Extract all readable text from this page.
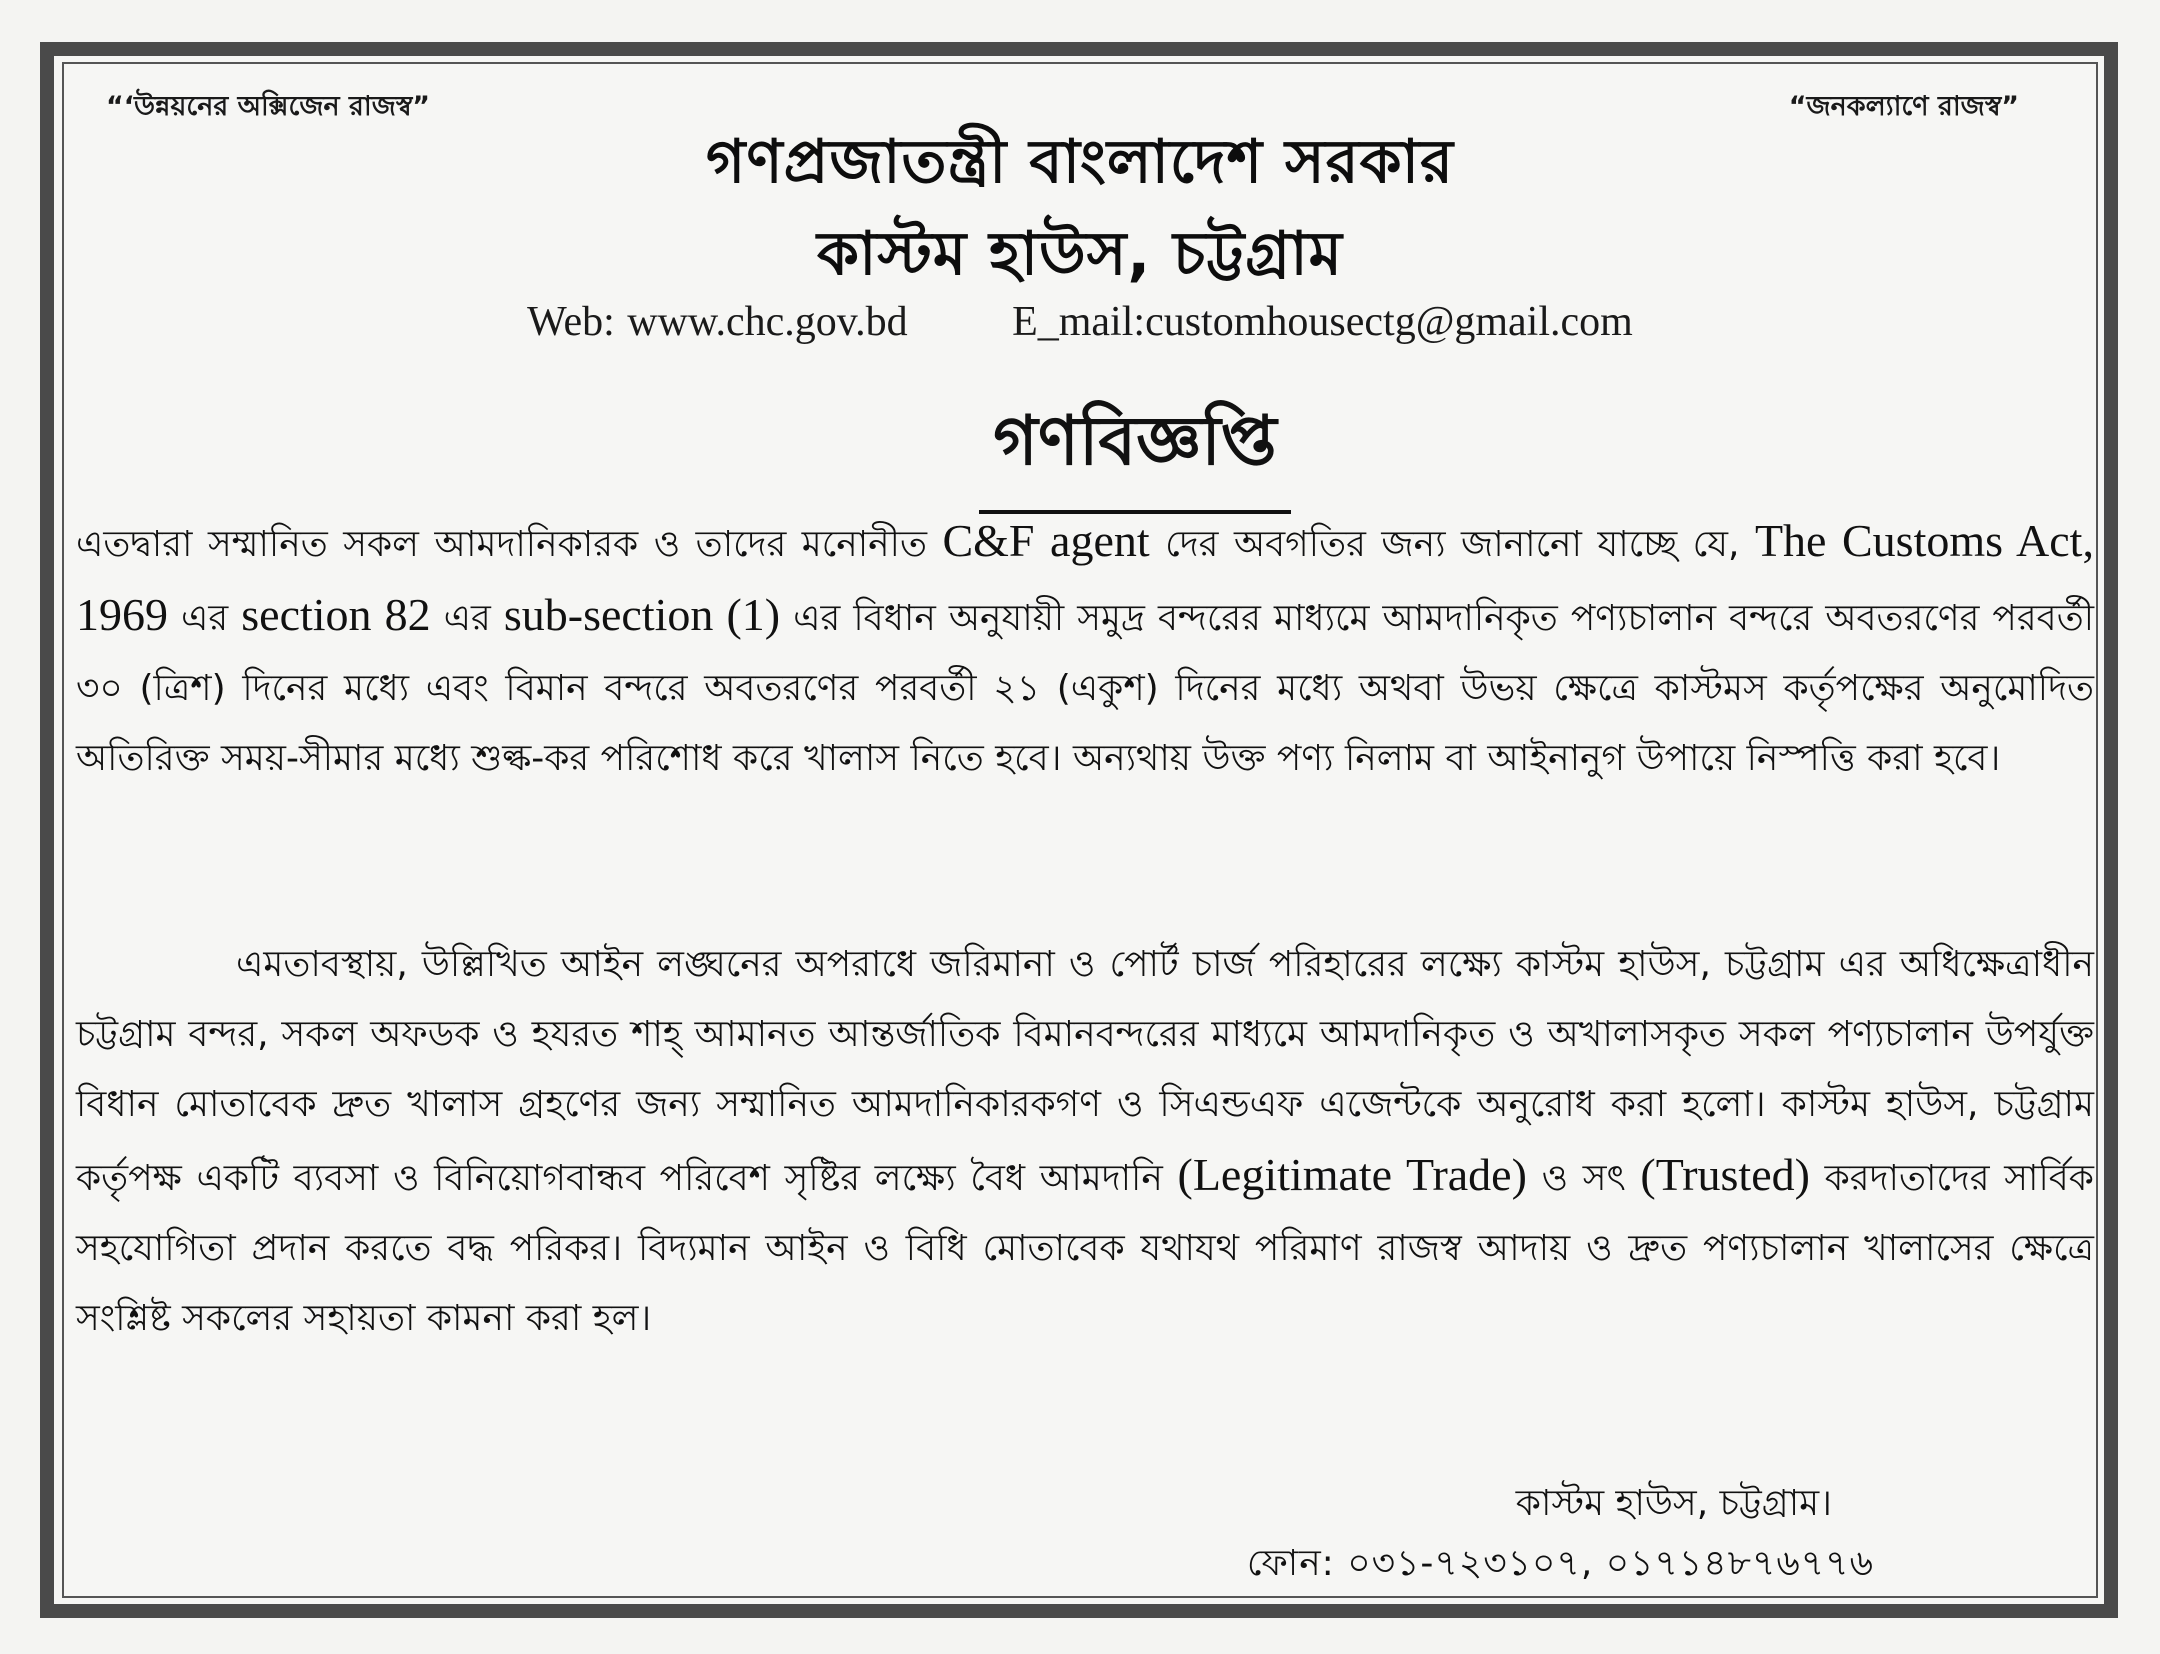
“‘উন্নয়নের অক্সিজেন রাজস্ব”	“জনকল্যাণে রাজস্ব”
গণপ্রজাতন্ত্রী বাংলাদেশ সরকার
কাস্টম হাউস, চট্টগ্রাম
Web: www.chc.gov.bd E_mail:customhousectg@gmail.com
গণবিজ্ঞপ্তি
এতদ্বারা সম্মানিত সকল আমদানিকারক ও তাদের মনোনীত C&F agent দের অবগতির জন্য জানানো যাচ্ছে যে, The Customs Act, 1969 এর section 82 এর sub-section (1) এর বিধান অনুযায়ী সমুদ্র বন্দরের মাধ্যমে আমদানিকৃত পণ্যচালান বন্দরে অবতরণের পরবর্তী ৩০ (ত্রিশ) দিনের মধ্যে এবং বিমান বন্দরে অবতরণের পরবর্তী ২১ (একুশ) দিনের মধ্যে অথবা উভয় ক্ষেত্রে কাস্টমস কর্তৃপক্ষের অনুমোদিত অতিরিক্ত সময়-সীমার মধ্যে শুল্ক-কর পরিশোধ করে খালাস নিতে হবে। অন্যথায় উক্ত পণ্য নিলাম বা আইনানুগ উপায়ে নিস্পত্তি করা হবে।
এমতাবস্থায়, উল্লিখিত আইন লঙ্ঘনের অপরাধে জরিমানা ও পোর্ট চার্জ পরিহারের লক্ষ্যে কাস্টম হাউস, চট্টগ্রাম এর অধিক্ষেত্রাধীন চট্টগ্রাম বন্দর, সকল অফডক ও হযরত শাহ্ আমানত আন্তর্জাতিক বিমানবন্দরের মাধ্যমে আমদানিকৃত ও অখালাসকৃত সকল পণ্যচালান উপর্যুক্ত বিধান মোতাবেক দ্রুত খালাস গ্রহণের জন্য সম্মানিত আমদানিকারকগণ ও সিএন্ডএফ এজেন্টকে অনুরোধ করা হলো। কাস্টম হাউস, চট্টগ্রাম কর্তৃপক্ষ একটি ব্যবসা ও বিনিয়োগবান্ধব পরিবেশ সৃষ্টির লক্ষ্যে বৈধ আমদানি (Legitimate Trade) ও সৎ (Trusted) করদাতাদের সার্বিক সহযোগিতা প্রদান করতে বদ্ধ পরিকর। বিদ্যমান আইন ও বিধি মোতাবেক যথাযথ পরিমাণ রাজস্ব আদায় ও দ্রুত পণ্যচালান খালাসের ক্ষেত্রে সংশ্লিষ্ট সকলের সহায়তা কামনা করা হল।
কাস্টম হাউস, চট্টগ্রাম।
ফোন: ০৩১-৭২৩১০৭, ০১৭১৪৮৭৬৭৭৬
